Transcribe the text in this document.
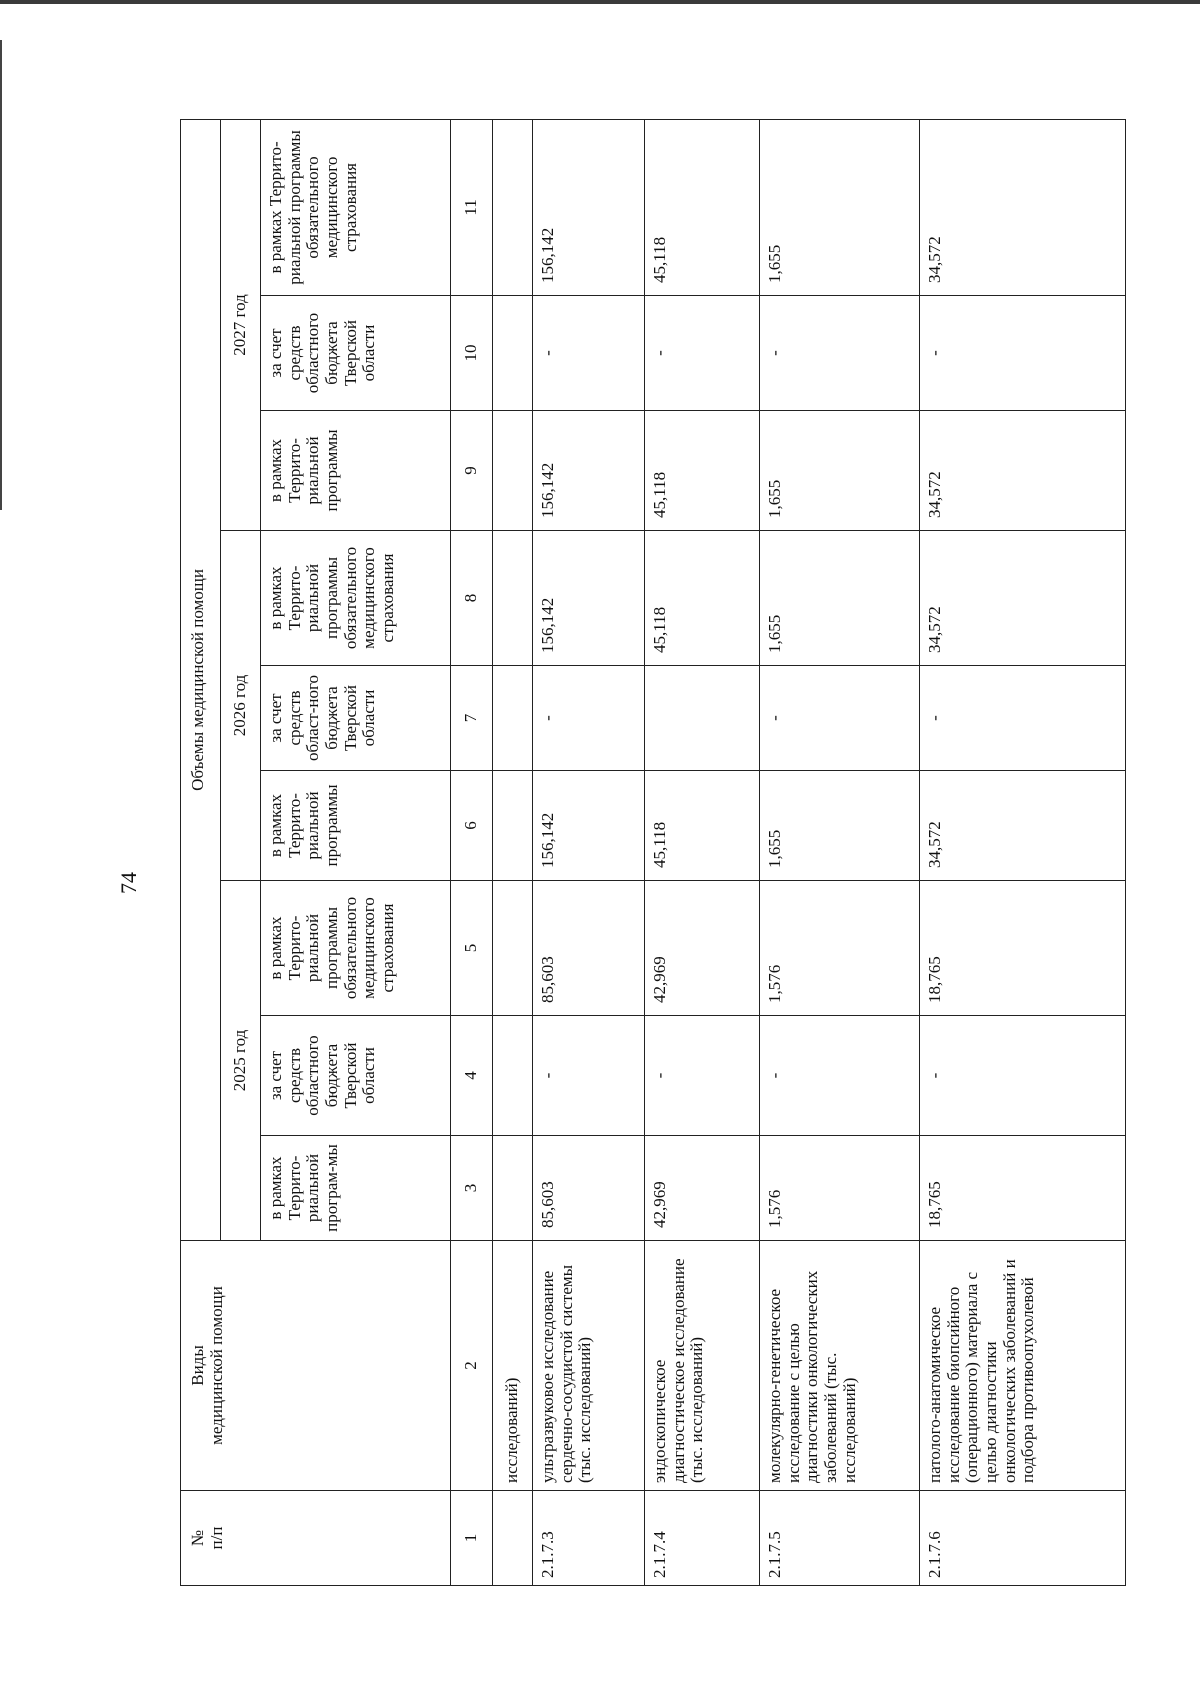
74
№
п/п	Виды
медицинской помощи	Объемы медицинской помощи								
		2025 год			2026 год			2027 год		
		в рамках Террито-риальной програм-мы	за счет средств областного бюджета Тверской области	в рамках Террито-риальной программы обязательного медицинского страхования	в рамках Террито-риальной программы	за счет средств област-ного бюджета Тверской области	в рамках Террито-риальной программы обязательного медицинского страхования	в рамках Террито-риальной программы	за счет средств областного бюджета Тверской области	в рамках Террито-риальной программы обязательного медицинского страхования
1	2	3	4	5	6	7	8	9	10	11
	исследований)									
2.1.7.3	ультразвуковое исследование сердечно-сосудистой системы (тыс. исследований)	85,603	-	85,603	156,142	-	156,142	156,142	-	156,142
2.1.7.4	эндоскопическое диагностическое исследование (тыс. исследований)	42,969	-	42,969	45,118		45,118	45,118	-	45,118
2.1.7.5	молекулярно-генетическое исследование с целью диагностики онкологических заболеваний (тыс. исследований)	1,576	-	1,576	1,655	-	1,655	1,655	-	1,655
2.1.7.6	патолого-анатомическое исследование биопсийного (операционного) материала с целью диагностики онкологических заболеваний и подбора противоопухолевой	18,765	-	18,765	34,572	-	34,572	34,572	-	34,572
